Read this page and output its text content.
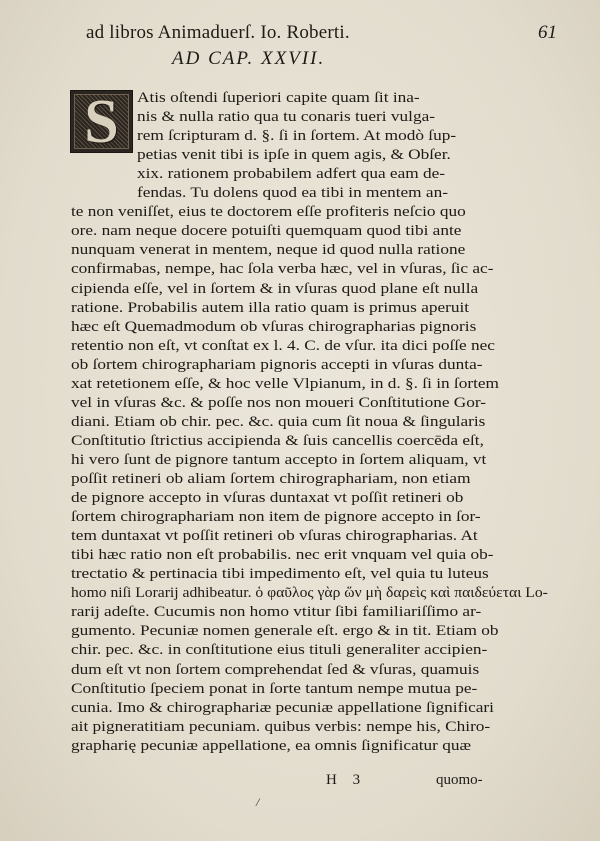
ad libros Animaduerſ. Io. Roberti.	61
AD CAP. XXVII.
S	Atis oſtendi ſuperiori capite quam ſit ina-
nis & nulla ratio qua tu conaris tueri vulga-
rem ſcripturam d. §. ſi in ſortem. At modò ſup-
petias venit tibi is ipſe in quem agis, & Obſer.
xix. rationem probabilem adfert qua eam de-
fendas. Tu dolens quod ea tibi in mentem an-
te non veniſſet, eius te doctorem eſſe profiteris neſcio quo
ore. nam neque docere potuiſti quemquam quod tibi ante
nunquam venerat in mentem, neque id quod nulla ratione
confirmabas, nempe, hac ſola verba hæc, vel in vſuras, ſic ac-
cipienda eſſe, vel in ſortem & in vſuras quod plane eſt nulla
ratione. Probabilis autem illa ratio quam is primus aperuit
hæc eſt Quemadmodum ob vſuras chirographarias pignoris
retentio non eſt, vt conſtat ex l. 4. C. de vſur. ita dici poſſe nec
ob ſortem chirographariam pignoris accepti in vſuras dunta-
xat retetionem eſſe, & hoc velle Vlpianum, in d. §. ſi in ſortem
vel in vſuras &c. & poſſe nos non moueri Conſtitutione Gor-
diani. Etiam ob chir. pec. &c. quia cum ſit noua & ſingularis
Conſtitutio ſtrictius accipienda & ſuis cancellis coercēda eſt,
hi vero ſunt de pignore tantum accepto in ſortem aliquam, vt
poſſit retineri ob aliam ſortem chirographariam, non etiam
de pignore accepto in vſuras duntaxat vt poſſit retineri ob
ſortem chirographariam non item de pignore accepto in ſor-
tem duntaxat vt poſſit retineri ob vſuras chirographarias. At
tibi hæc ratio non eſt probabilis. nec erit vnquam vel quia ob-
trectatio & pertinacia tibi impedimento eſt, vel quia tu luteus
homo niſi Lorarij adhibeatur. ὁ φαῦλος γὰρ ὥν μὴ δαρεὶς καὶ παιδεύεται Lo-
rarij adeſte. Cucumis non homo vtitur ſibi familiariſſimo ar-
gumento. Pecuniæ nomen generale eſt. ergo & in tit. Etiam ob
chir. pec. &c. in conſtitutione eius tituli generaliter accipien-
dum eſt vt non ſortem comprehendat ſed & vſuras, quamuis
Conſtitutio ſpeciem ponat in ſorte tantum nempe mutua pe-
cunia. Imo & chirographariæ pecuniæ appellatione ſignificari
ait pigneratitiam pecuniam. quibus verbis: nempe his, Chiro-
grapharię pecuniæ appellatione, ea omnis ſignificatur quæ
H 3	quomo-
/
